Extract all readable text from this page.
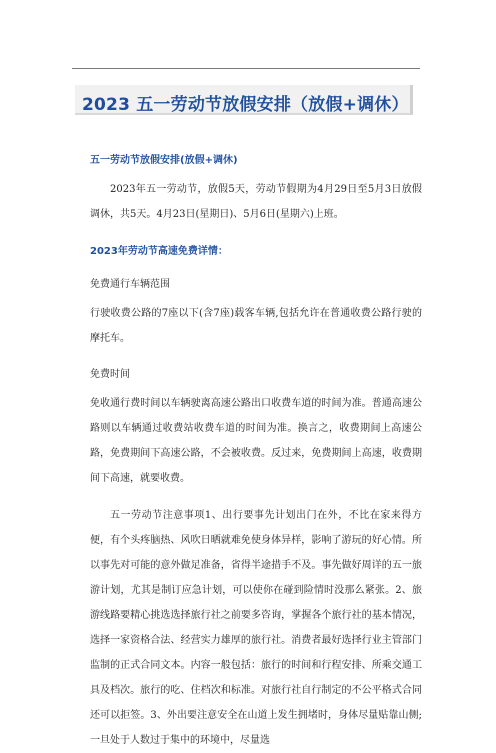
2023 五一劳动节放假安排（放假+调休）

五一劳动节放假安排(放假+调休)

2023年五一劳动节，放假5天，劳动节假期为4月29日至5月3日放假调休，共5天。4月23日(星期日)、5月6日(星期六)上班。

2023年劳动节高速免费详情：

免费通行车辆范围

行驶收费公路的7座以下(含7座)载客车辆,包括允许在普通收费公路行驶的摩托车。

免费时间

免收通行费时间以车辆驶离高速公路出口收费车道的时间为准。普通高速公路则以车辆通过收费站收费车道的时间为准。换言之，收费期间上高速公路，免费期间下高速公路，不会被收费。反过来，免费期间上高速，收费期间下高速，就要收费。

五一劳动节注意事项1、出行要事先计划出门在外，不比在家来得方便，有个头疼脑热、风吹日晒就难免使身体异样，影响了游玩的好心情。所以事先对可能的意外做足准备，省得半途措手不及。事先做好周详的五一旅游计划，尤其是制订应急计划，可以使你在碰到险情时没那么紧张。2、旅游线路要精心挑选选择旅行社之前要多咨询，掌握各个旅行社的基本情况，选择一家资格合法、经营实力雄厚的旅行社。消费者最好选择行业主管部门监制的正式合同文本。内容一般包括：旅行的时间和行程安排、所乘交通工具及档次。旅行的吃、住档次和标准。对旅行社自行制定的不公平格式合同还可以拒签。3、外出要注意安全在山道上发生拥堵时，身体尽量贴靠山侧;一旦处于人数过于集中的环境中，尽量选
